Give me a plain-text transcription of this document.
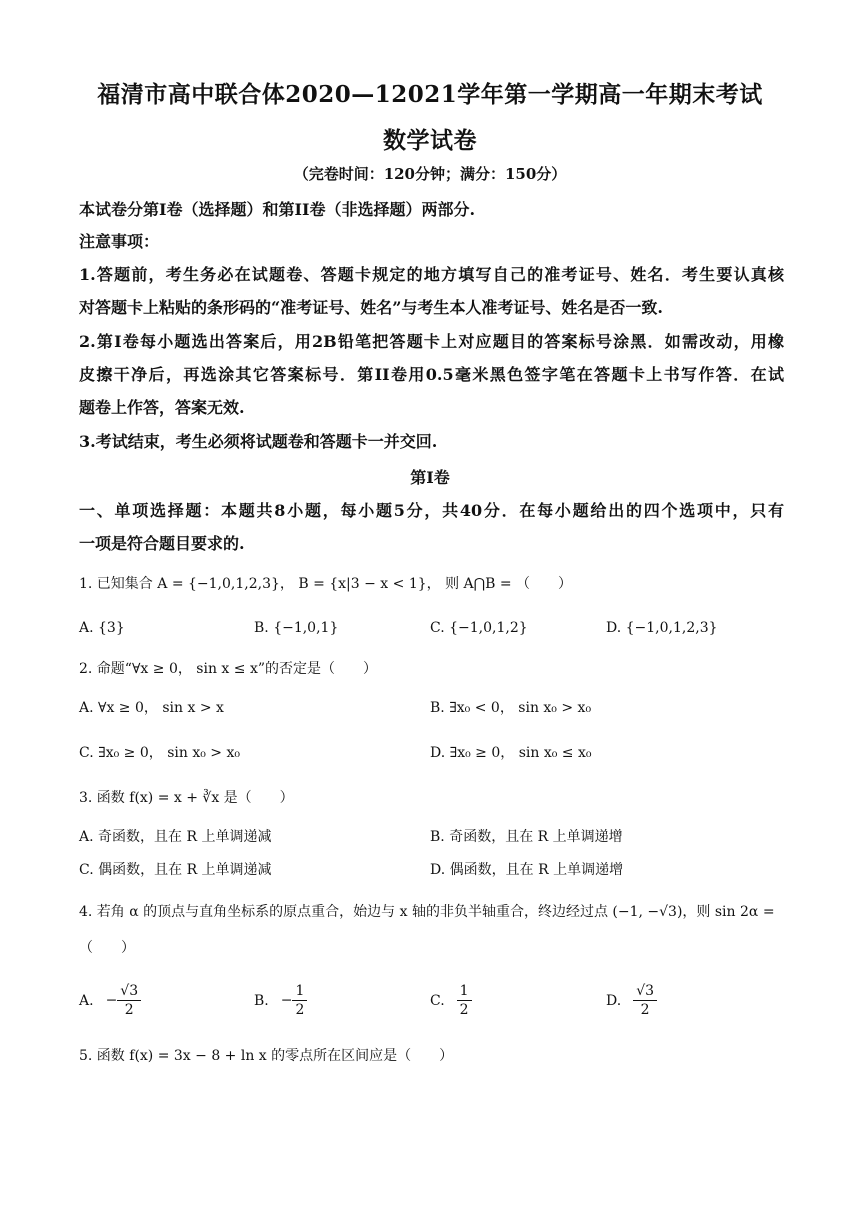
福清市高中联合体2020—12021学年第一学期高一年期末考试
数学试卷
（完卷时间：120分钟；满分：150分）
本试卷分第I卷（选择题）和第II卷（非选择题）两部分.
注意事项：
1.答题前，考生务必在试题卷、答题卡规定的地方填写自己的准考证号、姓名．考生要认真核
对答题卡上粘贴的条形码的“准考证号、姓名”与考生本人准考证号、姓名是否一致.
2.第I卷每小题选出答案后，用2B铅笔把答题卡上对应题目的答案标号涂黑．如需改动，用橡
皮擦干净后，再选涂其它答案标号．第II卷用0.5毫米黑色签字笔在答题卡上书写作答．在试
题卷上作答，答案无效.
3.考试结束，考生必须将试题卷和答题卡一并交回.
第I卷
一、单项选择题：本题共8小题，每小题5分，共40分．在每小题给出的四个选项中，只有
一项是符合题目要求的.
1. 已知集合 A = {−1,0,1,2,3}， B = {x|3 − x < 1}， 则 A⋂B = （　　）
A. {3}	B. {−1,0,1}	C. {−1,0,1,2}	D. {−1,0,1,2,3}
2. 命题“∀x ≥ 0， sin x ≤ x”的否定是（　　）
A. ∀x ≥ 0， sin x > x	B. ∃x₀ < 0， sin x₀ > x₀
C. ∃x₀ ≥ 0， sin x₀ > x₀	D. ∃x₀ ≥ 0， sin x₀ ≤ x₀
3. 函数 f(x) = x + ∛x 是（　　）
A. 奇函数，且在 R 上单调递减	B. 奇函数，且在 R 上单调递增
C. 偶函数，且在 R 上单调递减	D. 偶函数，且在 R 上单调递增
4. 若角 α 的顶点与直角坐标系的原点重合，始边与 x 轴的非负半轴重合，终边经过点 (−1, −√3)，则 sin 2α =
（　　）
A. − $\frac{√3}{2}$	B. − $\frac{1}{2}$	C. $\frac{1}{2}$	D. $\frac{√3}{2}$
5. 函数 f(x) = 3x − 8 + ln x 的零点所在区间应是（　　）
